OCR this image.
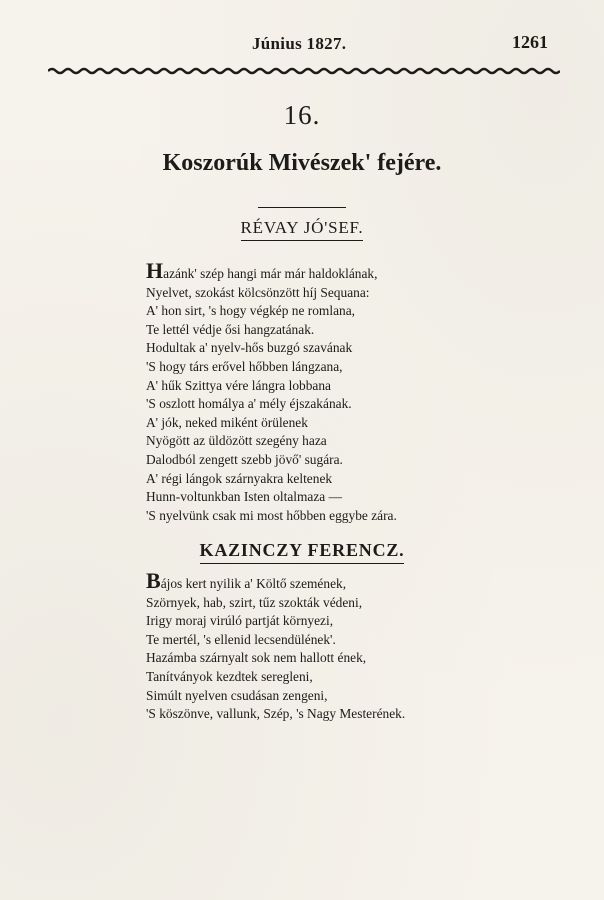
Június 1827.	1261
16.
Koszorúk Mivészek' fejére.
RÉVAY JÓ'SEF.
Hazánk' szép hangi már már haldoklának,
Nyelvet, szokást kölcsönzött híj Sequana:
A' hon sirt, 's hogy végkép ne romlana,
Te lettél védje ősi hangzatának.
Hodultak a' nyelv-hős buzgó szavának
'S hogy társ erővel hőbben lángzana,
A' hűk Szittya vére lángra lobbana
'S oszlott homálya a' mély éjszakának.
A' jók, neked miként örülenek
Nyögött az üldözött szegény haza
Dalodból zengett szebb jövő' sugára.
A' régi lángok szárnyakra keltenek
Hunn-voltunkban Isten oltalmaza —
'S nyelvünk csak mi most hőbben eggybe zára.
KAZINCZY FERENCZ.
Bájos kert nyilik a' Költő szemének,
Szörnyek, hab, szirt, tűz szokták védeni,
Irigy moraj virúló partját környezi,
Te mertél, 's ellenid lecsendülének'.
Hazámba szárnyalt sok nem hallott ének,
Tanítványok kezdtek seregleni,
Simúlt nyelven csudásan zengeni,
'S köszönve, vallunk, Szép, 's Nagy Mesterének.
